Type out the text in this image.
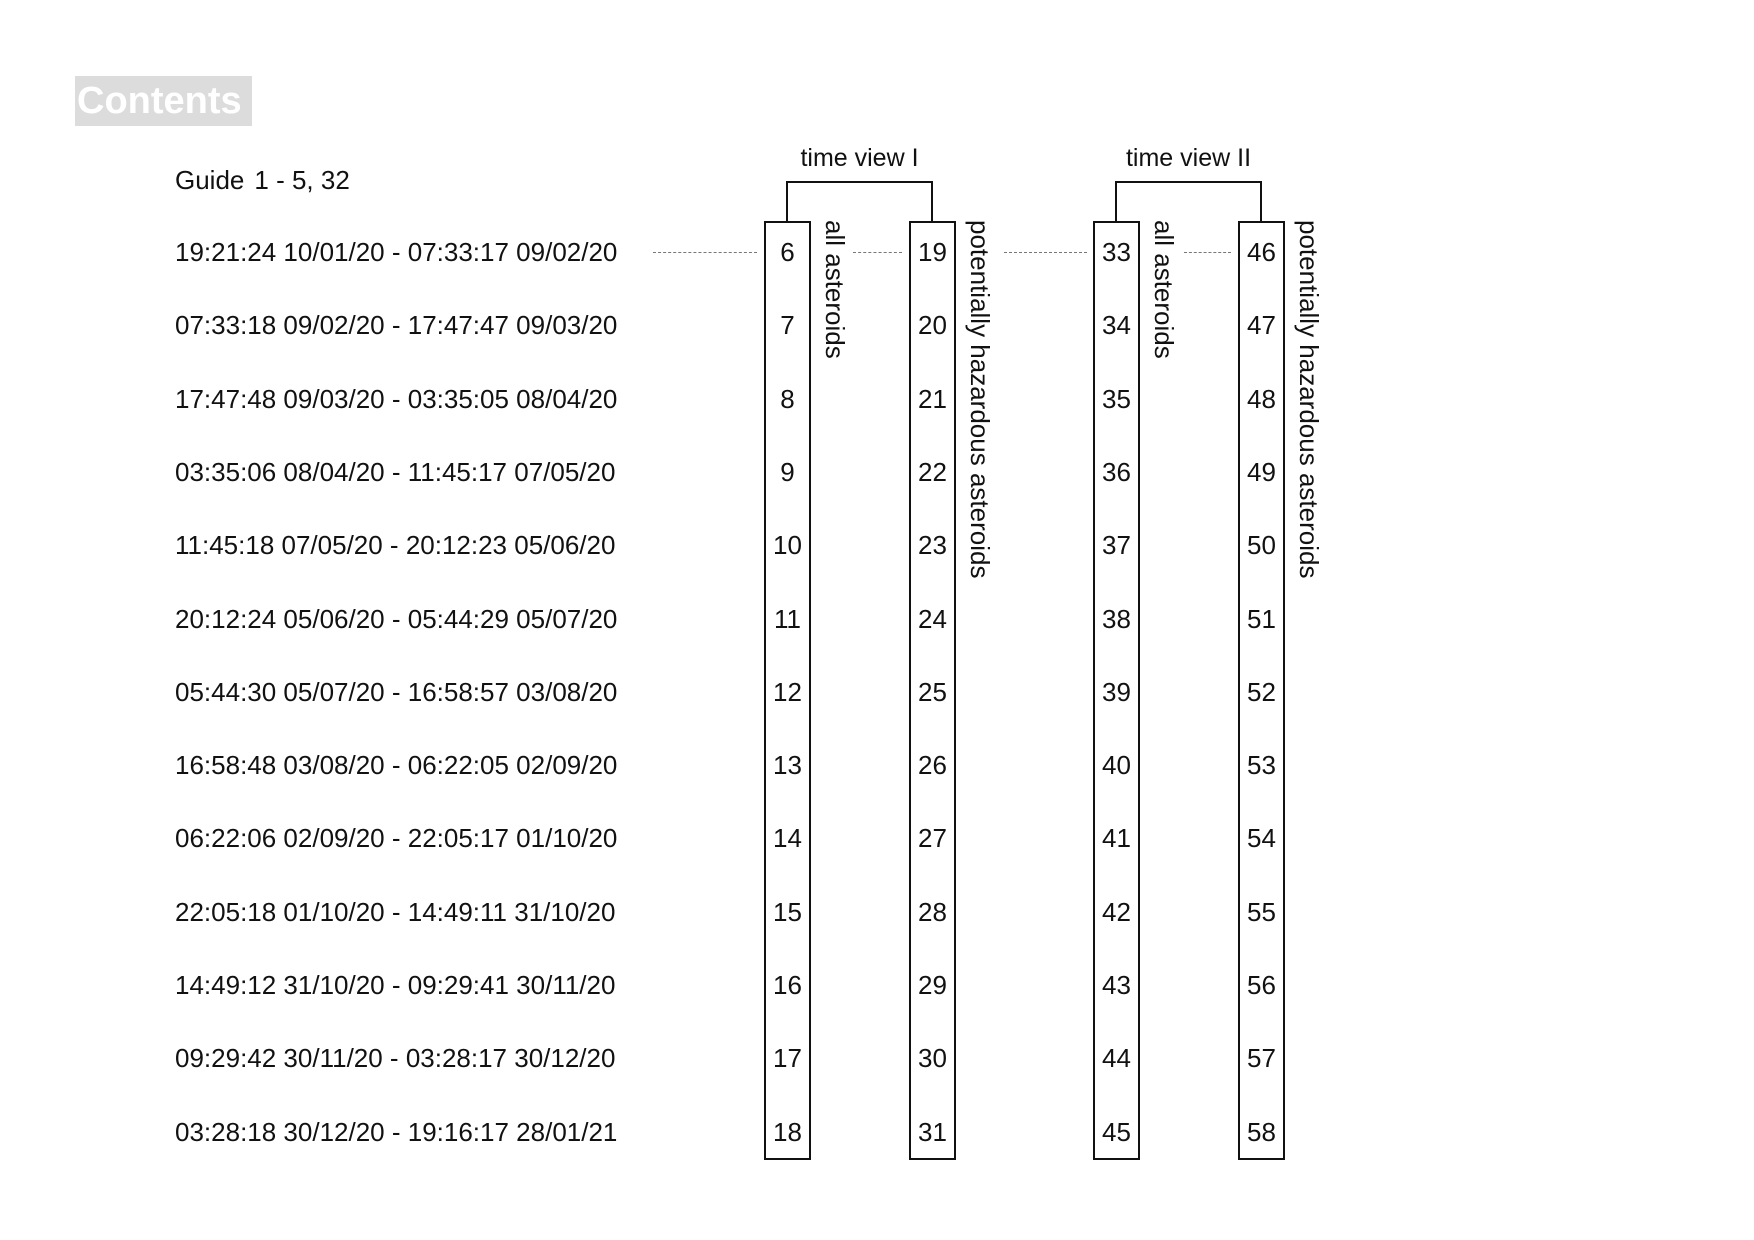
Contents
Guide 1 - 5, 32
19:21:24 10/01/20 - 07:33:17 09/02/20
07:33:18 09/02/20 - 17:47:47 09/03/20
17:47:48 09/03/20 - 03:35:05 08/04/20
03:35:06 08/04/20 - 11:45:17 07/05/20
11:45:18 07/05/20 - 20:12:23 05/06/20
20:12:24 05/06/20 - 05:44:29 05/07/20
05:44:30 05/07/20 - 16:58:57 03/08/20
16:58:48 03/08/20 - 06:22:05 02/09/20
06:22:06 02/09/20 - 22:05:17 01/10/20
22:05:18 01/10/20 - 14:49:11 31/10/20
14:49:12 31/10/20 - 09:29:41 30/11/20
09:29:42 30/11/20 - 03:28:17 30/12/20
03:28:18 30/12/20 - 19:16:17 28/01/21
time view I
6
7
8
9
10
11
12
13
14
15
16
17
18
all asteroids	19
20
21
22
23
24
25
26
27
28
29
30
31
potentially hazardous asteroids
time view II
33
34
35
36
37
38
39
40
41
42
43
44
45
all asteroids	46
47
48
49
50
51
52
53
54
55
56
57
58
potentially hazardous asteroids
